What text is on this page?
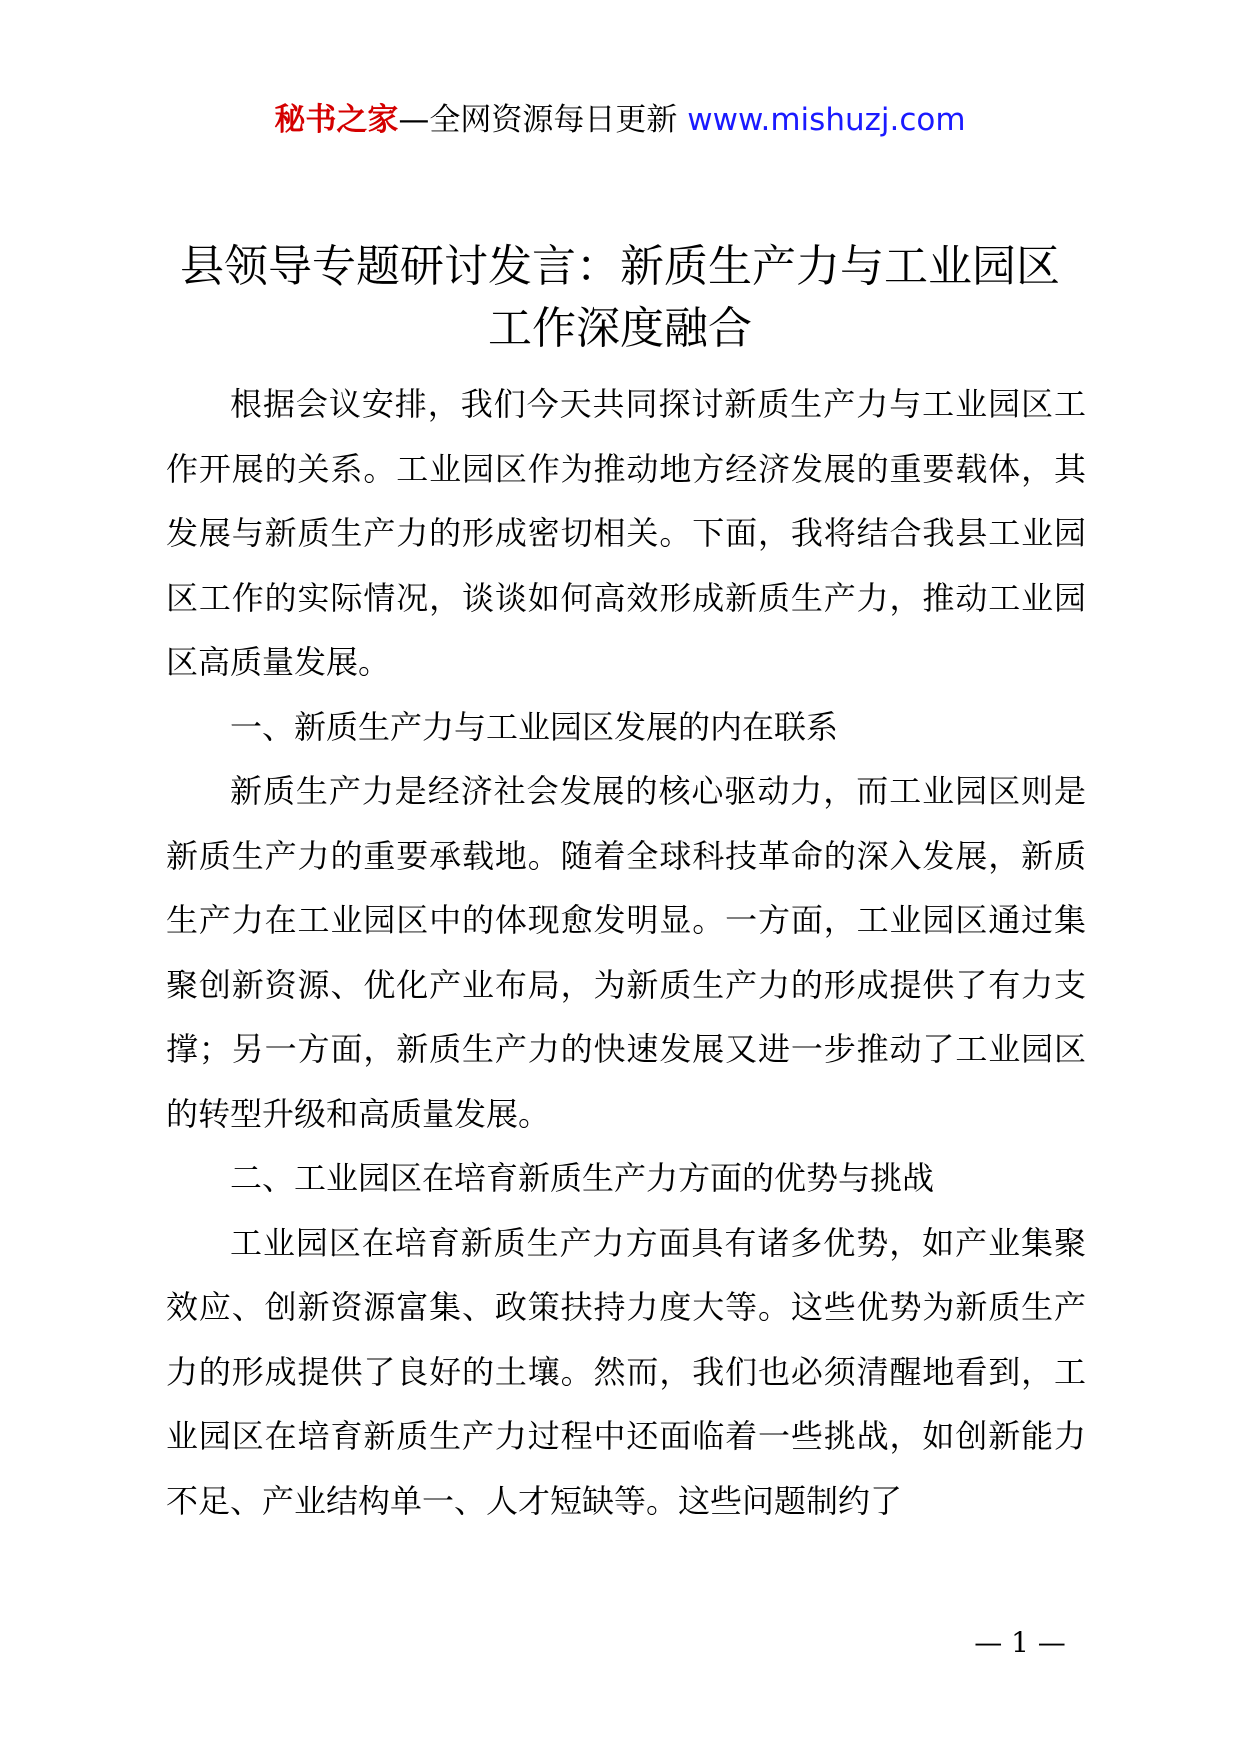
秘书之家—全网资源每日更新 www.mishuzj.com
县领导专题研讨发言：新质生产力与工业园区
工作深度融合

根据会议安排，我们今天共同探讨新质生产力与工业园区工作开展的关系。工业园区作为推动地方经济发展的重要载体，其发展与新质生产力的形成密切相关。下面，我将结合我县工业园区工作的实际情况，谈谈如何高效形成新质生产力，推动工业园区高质量发展。

一、新质生产力与工业园区发展的内在联系

新质生产力是经济社会发展的核心驱动力，而工业园区则是新质生产力的重要承载地。随着全球科技革命的深入发展，新质生产力在工业园区中的体现愈发明显。一方面，工业园区通过集聚创新资源、优化产业布局，为新质生产力的形成提供了有力支撑；另一方面，新质生产力的快速发展又进一步推动了工业园区的转型升级和高质量发展。

二、工业园区在培育新质生产力方面的优势与挑战

工业园区在培育新质生产力方面具有诸多优势，如产业集聚效应、创新资源富集、政策扶持力度大等。这些优势为新质生产力的形成提供了良好的土壤。然而，我们也必须清醒地看到，工业园区在培育新质生产力过程中还面临着一些挑战，如创新能力不足、产业结构单一、人才短缺等。这些问题制约了

— 1 —
